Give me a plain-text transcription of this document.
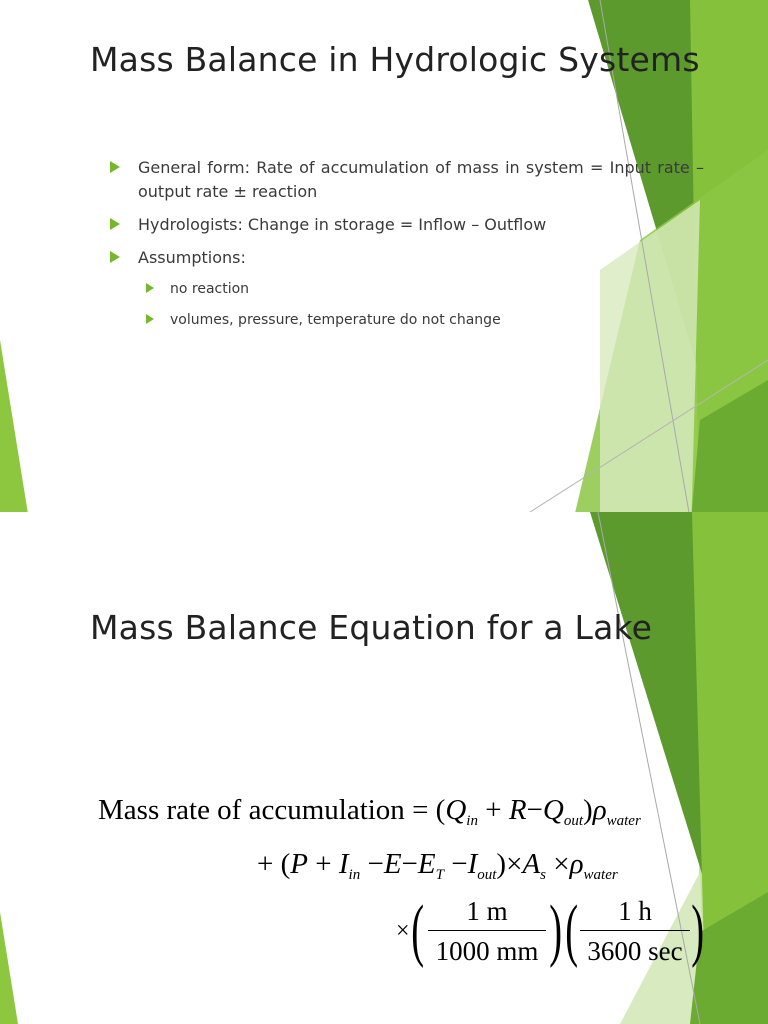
Mass Balance in Hydrologic Systems
General form: Rate of accumulation of mass in system = Input rate – output rate ± reaction
Hydrologists: Change in storage = Inflow – Outflow
Assumptions:
no reaction
volumes, pressure, temperature do not change
Mass Balance Equation for a Lake
Mass rate of accumulation = $(Q_{in} + R-Q_{out})\rho_{water}$
+ $(P + I_{in} -E-E_T -I_{out})\times A_s \times\rho_{water}$
× (	1 m
1000 mm ) (	1 h
3600 sec )
